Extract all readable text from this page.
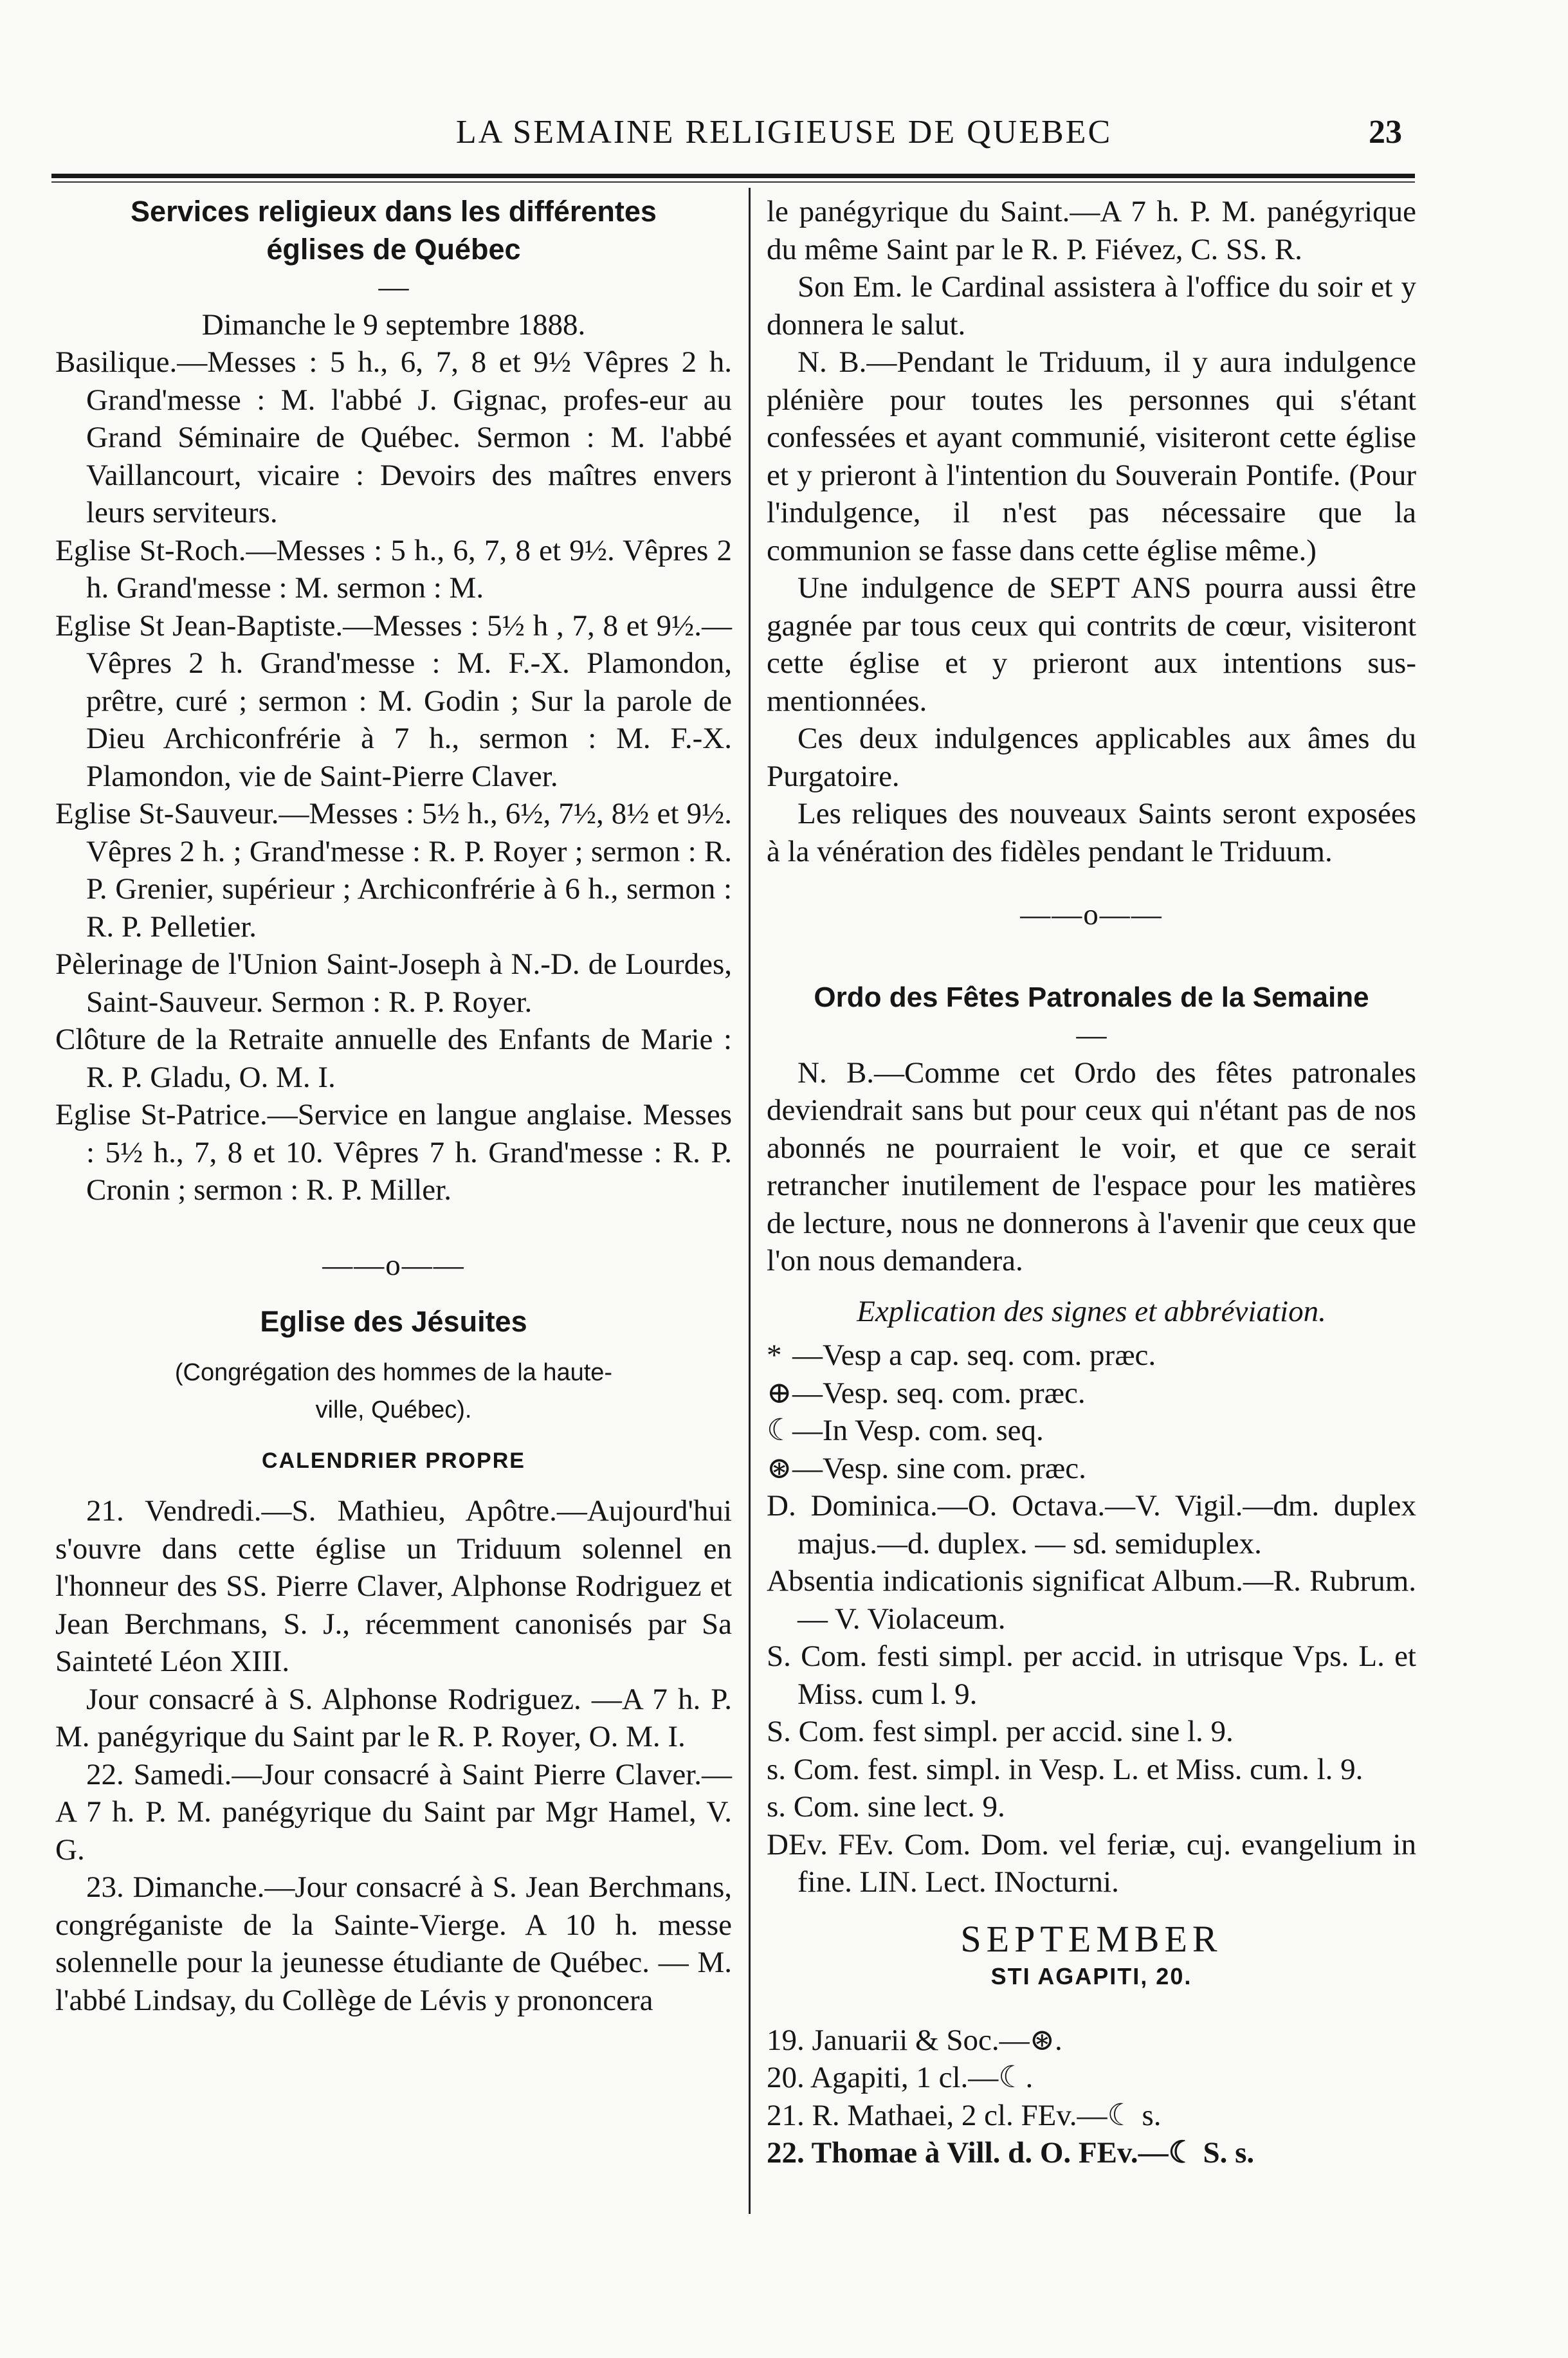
LA SEMAINE RELIGIEUSE DE QUEBEC	23

Services religieux dans les différentes

églises de Québec

—

Dimanche le 9 septembre 1888.

Basilique.—Messes : 5 h., 6, 7, 8 et 9½ Vêpres 2 h. Grand'messe : M. l'abbé J. Gignac, profes-eur au Grand Séminaire de Québec. Sermon : M. l'abbé Vaillancourt, vicaire : Devoirs des maîtres envers leurs serviteurs.

Eglise St-Roch.—Messes : 5 h., 6, 7, 8 et 9½. Vêpres 2 h. Grand'messe : M. sermon : M.

Eglise St Jean-Baptiste.—Messes : 5½ h , 7, 8 et 9½.—Vêpres 2 h. Grand'messe : M. F.-X. Plamondon, prêtre, curé ; sermon : M. Godin ; Sur la parole de Dieu Archiconfrérie à 7 h., sermon : M. F.-X. Plamondon, vie de Saint-Pierre Claver.

Eglise St-Sauveur.—Messes : 5½ h., 6½, 7½, 8½ et 9½. Vêpres 2 h. ; Grand'messe : R. P. Royer ; sermon : R. P. Grenier, supérieur ; Archiconfrérie à 6 h., sermon : R. P. Pelletier.

Pèlerinage de l'Union Saint-Joseph à N.-D. de Lourdes, Saint-Sauveur. Sermon : R. P. Royer.

Clôture de la Retraite annuelle des Enfants de Marie : R. P. Gladu, O. M. I.

Eglise St-Patrice.—Service en langue anglaise. Messes : 5½ h., 7, 8 et 10. Vêpres 7 h. Grand'messe : R. P. Cronin ; sermon : R. P. Miller.

——o——

Eglise des Jésuites

(Congrégation des hommes de la haute-ville, Québec).

CALENDRIER PROPRE

21. Vendredi.—S. Mathieu, Apôtre.—Aujourd'hui s'ouvre dans cette église un Triduum solennel en l'honneur des SS. Pierre Claver, Alphonse Rodriguez et Jean Berchmans, S. J., récemment canonisés par Sa Sainteté Léon XIII.

Jour consacré à S. Alphonse Rodriguez. —A 7 h. P. M. panégyrique du Saint par le R. P. Royer, O. M. I.

22. Samedi.—Jour consacré à Saint Pierre Claver.—A 7 h. P. M. panégyrique du Saint par Mgr Hamel, V. G.

23. Dimanche.—Jour consacré à S. Jean Berchmans, congréganiste de la Sainte-Vierge. A 10 h. messe solennelle pour la jeunesse étudiante de Québec. — M. l'abbé Lindsay, du Collège de Lévis y prononcera

le panégyrique du Saint.—A 7 h. P. M. panégyrique du même Saint par le R. P. Fiévez, C. SS. R.

Son Em. le Cardinal assistera à l'office du soir et y donnera le salut.

N. B.—Pendant le Triduum, il y aura indulgence plénière pour toutes les personnes qui s'étant confessées et ayant communié, visiteront cette église et y prieront à l'intention du Souverain Pontife. (Pour l'indulgence, il n'est pas nécessaire que la communion se fasse dans cette église même.)

Une indulgence de SEPT ANS pourra aussi être gagnée par tous ceux qui contrits de cœur, visiteront cette église et y prieront aux intentions sus-mentionnées.

Ces deux indulgences applicables aux âmes du Purgatoire.

Les reliques des nouveaux Saints seront exposées à la vénération des fidèles pendant le Triduum.

——o——

Ordo des Fêtes Patronales de la Semaine

—

N. B.—Comme cet Ordo des fêtes patronales deviendrait sans but pour ceux qui n'étant pas de nos abonnés ne pourraient le voir, et que ce serait retrancher inutilement de l'espace pour les matières de lecture, nous ne donnerons à l'avenir que ceux que l'on nous demandera.

Explication des signes et abbréviation.

* —Vesp a cap. seq. com. præc.

⊕—Vesp. seq. com. præc.

☾—In Vesp. com. seq.

⊛—Vesp. sine com. præc.

D. Dominica.—O. Octava.—V. Vigil.—dm. duplex majus.—d. duplex. — sd. semiduplex.

Absentia indicationis significat Album.—R. Rubrum.— V. Violaceum.

S. Com. festi simpl. per accid. in utrisque Vps. L. et Miss. cum l. 9.

S. Com. fest simpl. per accid. sine l. 9.

s. Com. fest. simpl. in Vesp. L. et Miss. cum. l. 9.

s. Com. sine lect. 9.

DEv. FEv. Com. Dom. vel feriæ, cuj. evangelium in fine. LIN. Lect. INocturni.

SEPTEMBER

STI AGAPITI, 20.

19. Januarii & Soc.—⊛.

20. Agapiti, 1 cl.—☾.

21. R. Mathaei, 2 cl. FEv.—☾ s.

22. Thomae à Vill. d. O. FEv.—☾ S. s.
